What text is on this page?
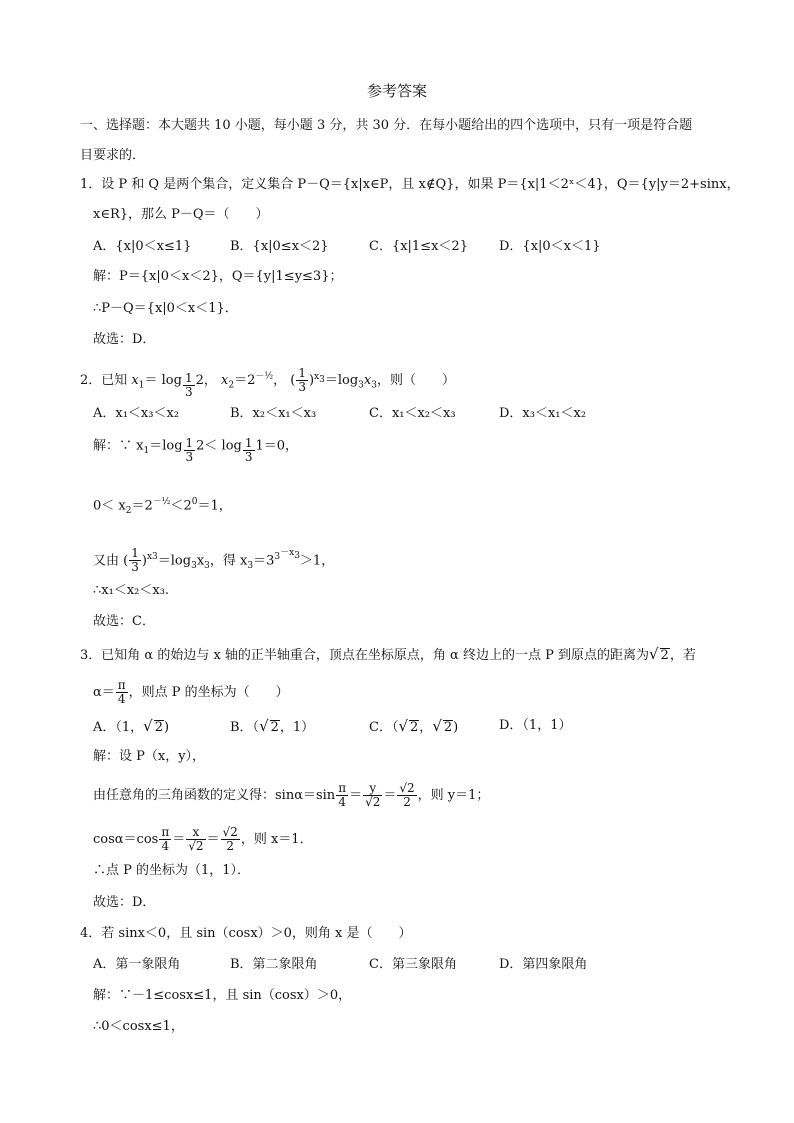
参考答案
一、选择题：本大题共 10 小题，每小题 3 分，共 30 分．在每小题给出的四个选项中，只有一项是符合题
目要求的．
1．设 P 和 Q 是两个集合，定义集合 P－Q＝{x|x∈P，且 x∉Q}，如果 P＝{x|1＜2ˣ＜4}，Q＝{y|y＝2+sinx，
x∈R}，那么 P－Q＝（　　）
A．{x|0＜x≤1}	B．{x|0≤x＜2}	C．{x|1≤x＜2} D．{x|0＜x＜1}
解：P＝{x|0＜x＜2}，Q＝{y|1≤y≤3}；
∴P－Q＝{x|0＜x＜1}．
故选：D．
2．已知 $x_1= \log _{\frac{1}{3}}$ 2， $x_2=2^{-\frac{1}{2}}$， ( $\frac{1}{3} )^{x_3}=\log_3x_3$，则（　　）
A．x₁＜x₃＜x₂	B．x₂＜x₁＜x₃	C．x₁＜x₂＜x₃	D．x₃＜x₁＜x₂
解：∵ $x_1=\log$ $_{\frac{1}{3}}$ 2＜ log $_{\frac{1}{3}}$ 1＝0，
$0< x_2=2^{-\frac{1}{2}}<2^0=1$，
又由 ( $\frac{1}{3} )^{x3}=\log_3x_3$，得 $x_3=3^{3^{-x_3}}>1$，
∴x₁＜x₂＜x₃.
故选：C．
3．已知角 α 的始边与 x 轴的正半轴重合，顶点在坐标原点，角 α 终边上的一点 P 到原点的距离为√ 2，若
$\alpha= \frac{\pi}{4}$ ，则点 P 的坐标为（　　）
A．（1，√ 2)	B．（√ 2，1）	C．（√ 2，√ 2)	D．（1，1）
解：设 P（x，y），
由任意角的三角函数的定义得：$\sin\alpha=\sin \frac{\pi}{4} = \frac{y}{√2} = \frac{√2}{2}$ ，则 y＝1；
$\cos\alpha=\cos \frac{\pi}{4} = \frac{x}{√2} = \frac{√2}{2}$ ，则 x＝1．
∴点 P 的坐标为（1，1）．
故选：D．
4．若 sinx＜0，且 sin（cosx）＞0，则角 x 是（　　）
A．第一象限角	B．第二象限角	C．第三象限角	D．第四象限角
解：∵－1≤cosx≤1，且 sin（cosx）＞0，
∴0＜cosx≤1，
